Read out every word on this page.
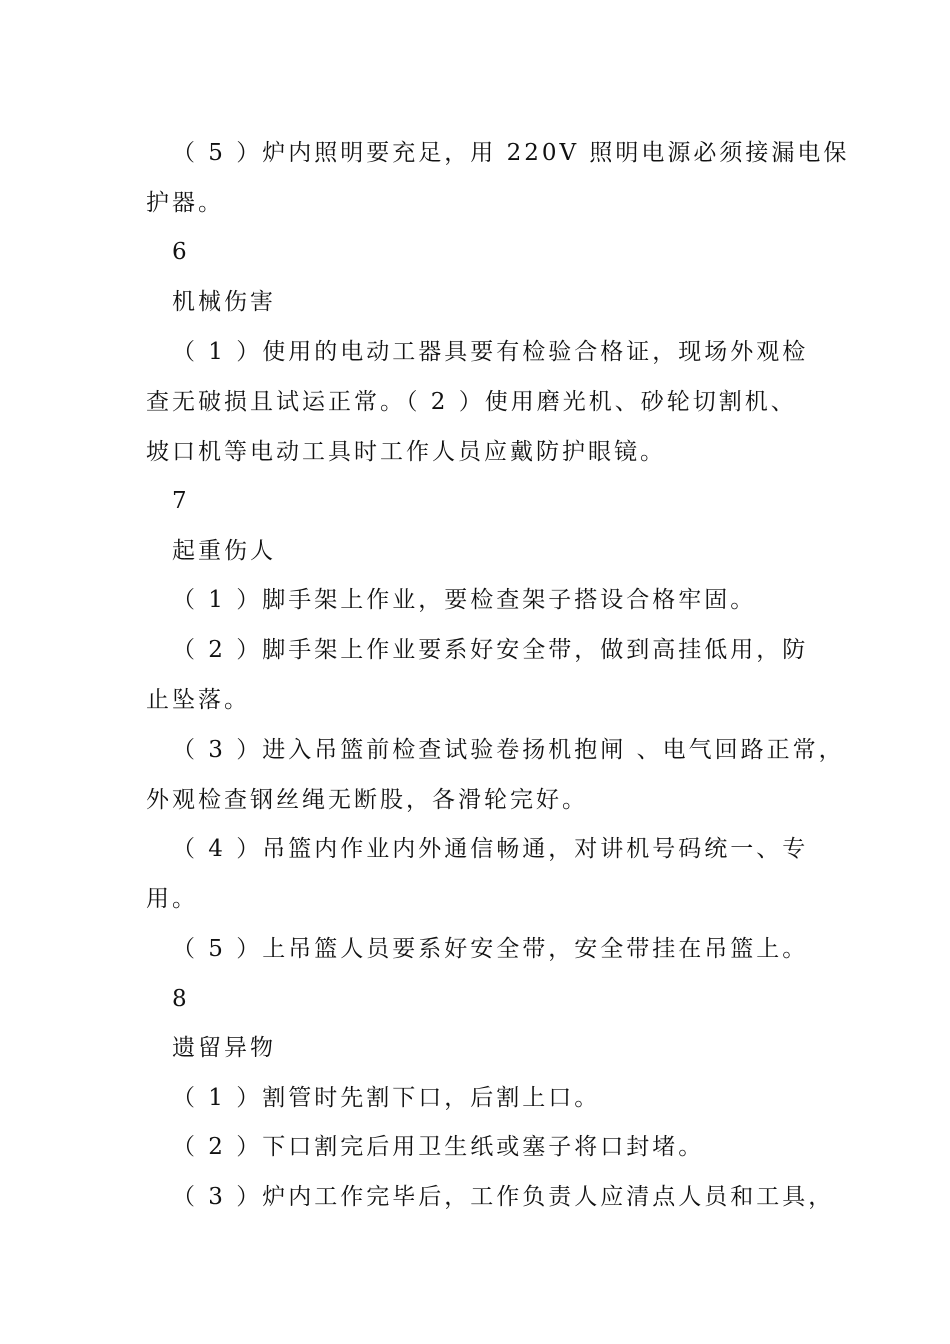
（ 5 ）炉内照明要充足，用 220V 照明电源必须接漏电保
护器。
6
机械伤害
（ 1 ）使用的电动工器具要有检验合格证，现场外观检
查无破损且试运正常。（ 2 ）使用磨光机、砂轮切割机、
坡口机等电动工具时工作人员应戴防护眼镜。
7
起重伤人
（ 1 ）脚手架上作业，要检查架子搭设合格牢固。
（ 2 ）脚手架上作业要系好安全带，做到高挂低用，防
止坠落。
（ 3 ）进入吊篮前检查试验卷扬机抱闸 、电气回路正常，
外观检查钢丝绳无断股，各滑轮完好。
（ 4 ）吊篮内作业内外通信畅通，对讲机号码统一、专
用。
（ 5 ）上吊篮人员要系好安全带，安全带挂在吊篮上。
8
遗留异物
（ 1 ）割管时先割下口，后割上口。
（ 2 ）下口割完后用卫生纸或塞子将口封堵。
（ 3 ）炉内工作完毕后，工作负责人应清点人员和工具，
